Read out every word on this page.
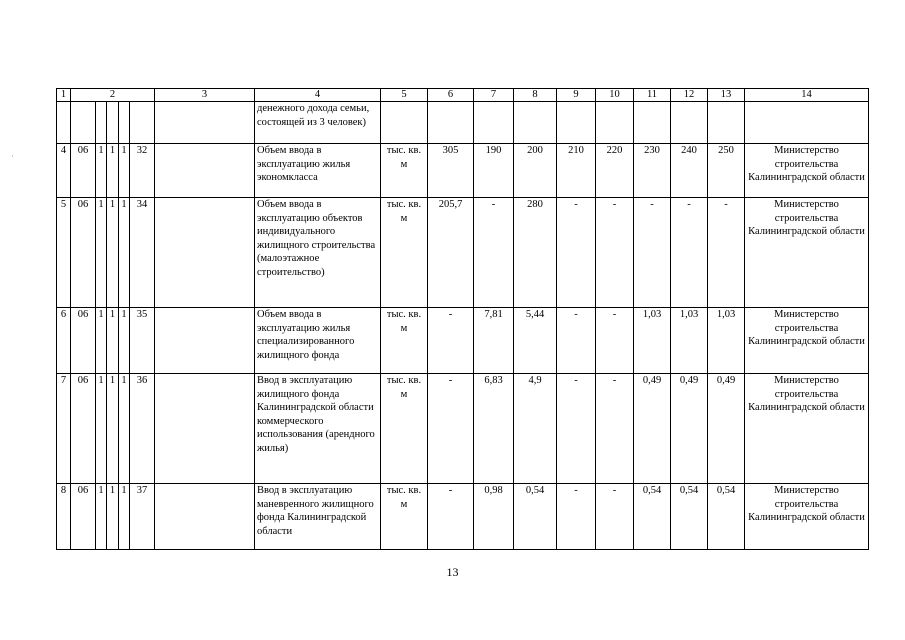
·
1	2					3	4	5	6	7	8	9	10	11	12	13	14
							денежного дохода семьи, состоящей из 3 человек)										
4	06	1	1	1	32		Объем ввода в эксплуатацию жилья экономкласса	тыс. кв. м	305	190	200	210	220	230	240	250	Министерство строительства Калининградской области
5	06	1	1	1	34		Объем ввода в эксплуатацию объектов индивидуального жилищного строительства (малоэтажное строительство)	тыс. кв. м	205,7	-	280	-	-	-	-	-	Министерство строительства Калининградской области
6	06	1	1	1	35		Объем ввода в эксплуатацию жилья специализированного жилищного фонда	тыс. кв. м	-	7,81	5,44	-	-	1,03	1,03	1,03	Министерство строительства Калининградской области
7	06	1	1	1	36		Ввод в эксплуатацию жилищного фонда Калининградской области коммерческого использования (арендного жилья)	тыс. кв. м	-	6,83	4,9	-	-	0,49	0,49	0,49	Министерство строительства Калининградской области
8	06	1	1	1	37		Ввод в эксплуатацию маневренного жилищного фонда Калининградской области	тыс. кв. м	-	0,98	0,54	-	-	0,54	0,54	0,54	Министерство строительства Калининградской области
13
